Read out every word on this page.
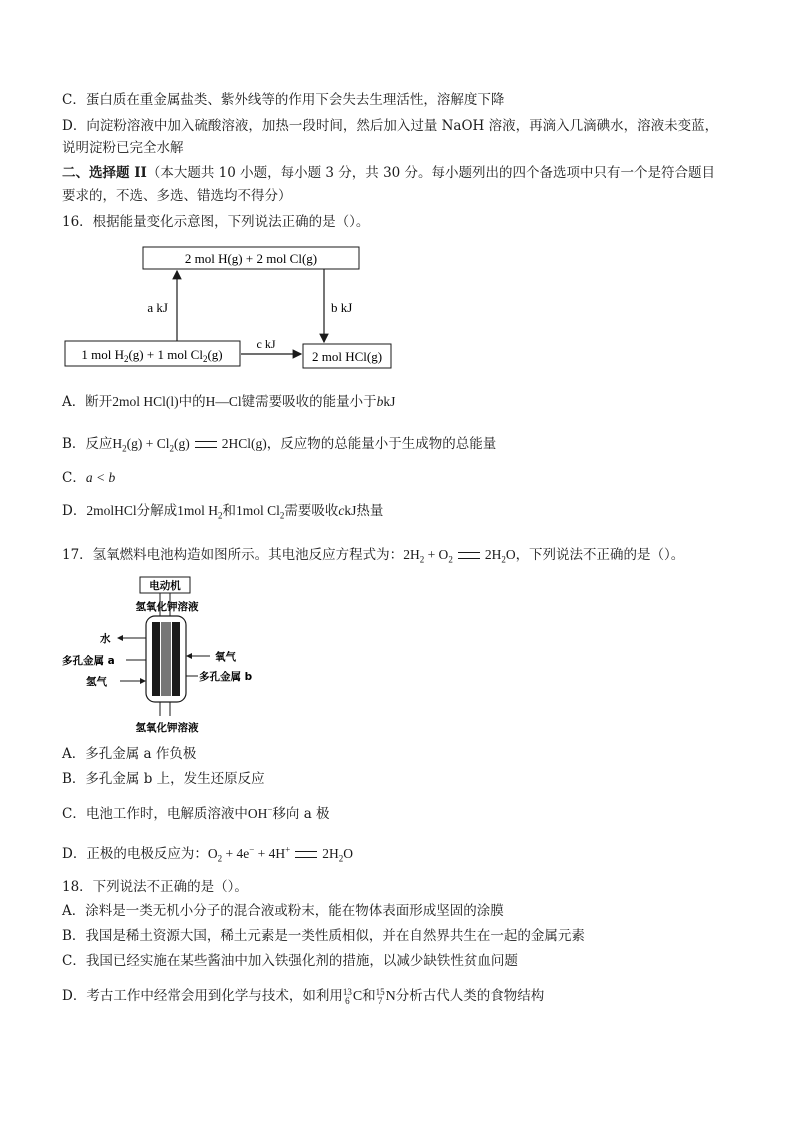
C．蛋白质在重金属盐类、紫外线等的作用下会失去生理活性，溶解度下降
D．向淀粉溶液中加入硫酸溶液，加热一段时间，然后加入过量 NaOH 溶液，再滴入几滴碘水，溶液未变蓝，
说明淀粉已完全水解
二、选择题 II（本大题共 10 小题，每小题 3 分，共 30 分。每小题列出的四个备选项中只有一个是符合题目
要求的，不选、多选、错选均不得分）
16．根据能量变化示意图，下列说法正确的是（）。
2 mol H(g) + 2 mol Cl(g)
1 mol $H_2(g) + 1$ mol $Cl_2(g)$	2 mol HCl(g)
a kJ	b kJ
c kJ
A．断开2mol HCl(l)中的H—Cl键需要吸收的能量小于bkJ
B．反应$H_2(g) + Cl_2(g)$ 2HCl(g)，反应物的总能量小于生成物的总能量
C．a < b
D．2molHCl分解成1mol $H_2$和1mol $Cl_2$需要吸收ckJ热量
17．氢氧燃料电池构造如图所示。其电池反应方程式为：$2H_2 + O_2$ $2H_2O$，下列说法不正确的是（）。
电动机
氢氧化钾溶液
氢氧化钾溶液
水
多孔金属 a
氢气
氧气
多孔金属 b
A．多孔金属 a 作负极
B．多孔金属 b 上，发生还原反应
C．电池工作时，电解质溶液中OH−移向 a 极
D．正极的电极反应为：$O_2 + 4e^- + 4H^+$ $2H_2O$
18．下列说法不正确的是（）。
A．涂料是一类无机小分子的混合液或粉末，能在物体表面形成坚固的涂膜
B．我国是稀土资源大国，稀土元素是一类性质相似，并在自然界共生在一起的金属元素
C．我国已经实施在某些酱油中加入铁强化剂的措施，以减少缺铁性贫血问题
D．考古工作中经常会用到化学与技术，如利用 13
6 C和 15
7 N分析古代人类的食物结构
